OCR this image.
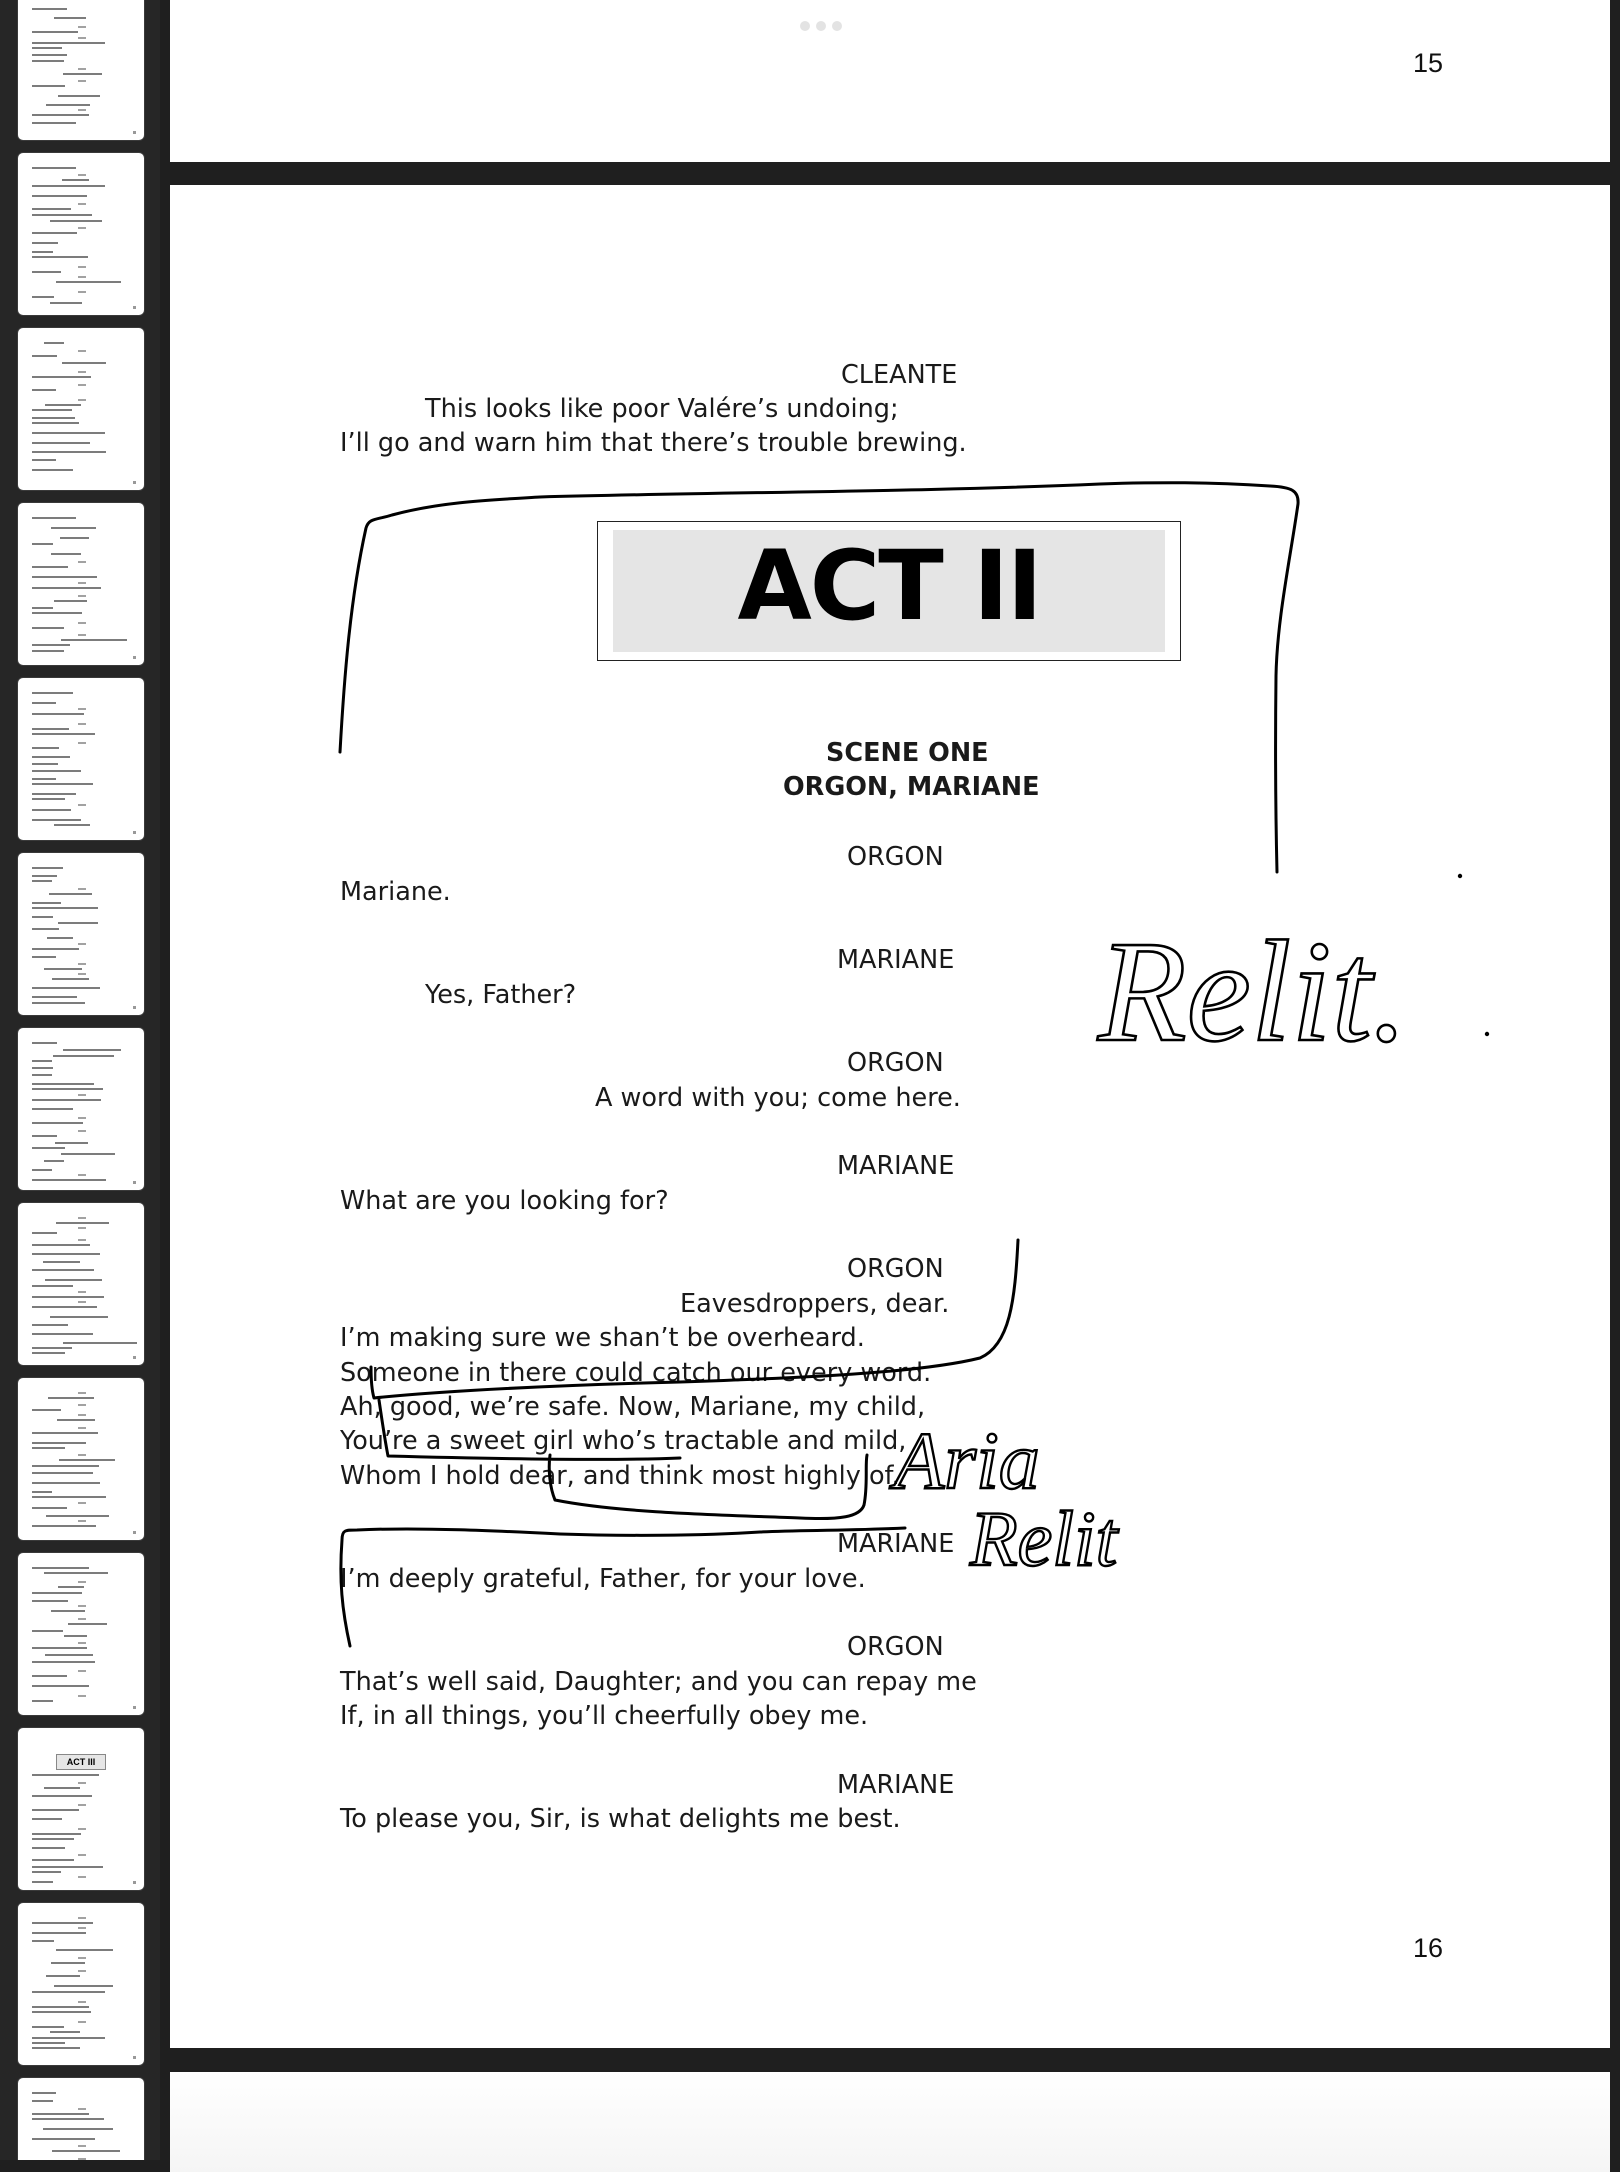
ACT III
15
CLEANTE
This looks like poor Valére’s undoing;
I’ll go and warn him that there’s trouble brewing.
ACT II
SCENE ONE
ORGON, MARIANE
ORGON
Mariane.
MARIANE
Yes, Father?
ORGON
A word with you; come here.
MARIANE
What are you looking for?
ORGON
Eavesdroppers, dear.
I’m making sure we shan’t be overheard.
Someone in there could catch our every word.
Ah, good, we’re safe. Now, Mariane, my child,
You’re a sweet girl who’s tractable and mild,
Whom I hold dear, and think most highly of.
MARIANE
I’m deeply grateful, Father, for your love.
ORGON
That’s well said, Daughter; and you can repay me
If, in all things, you’ll cheerfully obey me.
MARIANE
To please you, Sir, is what delights me best.
16
Relit.
Aria
Relit
